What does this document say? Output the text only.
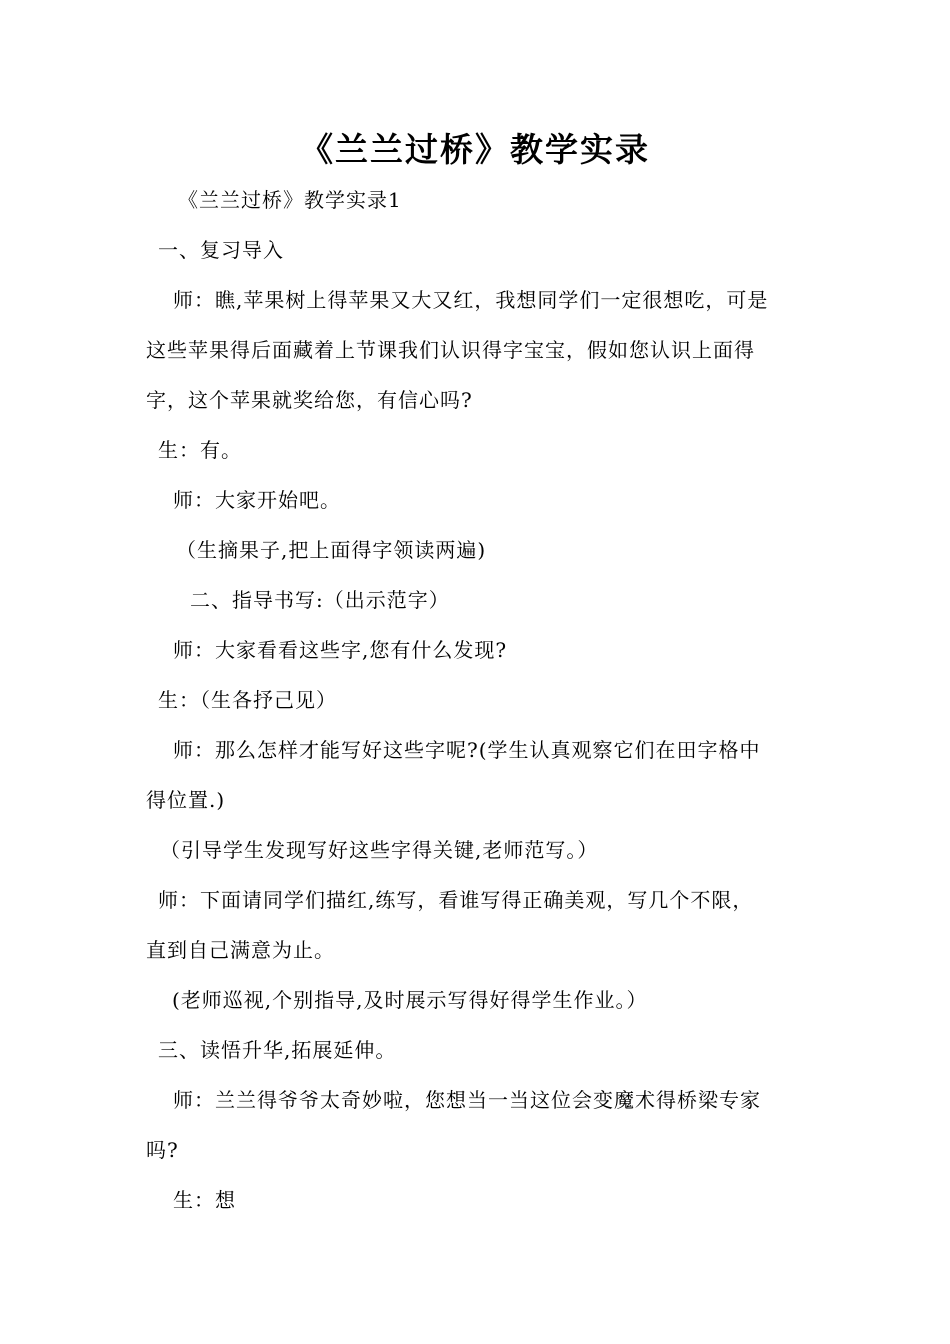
《兰兰过桥》教学实录
《兰兰过桥》教学实录1
一、复习导入
师：瞧,苹果树上得苹果又大又红，我想同学们一定很想吃，可是
这些苹果得后面藏着上节课我们认识得字宝宝，假如您认识上面得
字，这个苹果就奖给您，有信心吗?
生：有。
师：大家开始吧。
（生摘果子,把上面得字领读两遍)
二、指导书写:（出示范字）
师：大家看看这些字,您有什么发现?
生：（生各抒己见）
师：那么怎样才能写好这些字呢?(学生认真观察它们在田字格中
得位置.)
（引导学生发现写好这些字得关键,老师范写。）
师：下面请同学们描红,练写，看谁写得正确美观，写几个不限，
直到自己满意为止。
(老师巡视,个别指导,及时展示写得好得学生作业。）
三、读悟升华,拓展延伸。
师：兰兰得爷爷太奇妙啦，您想当一当这位会变魔术得桥梁专家
吗?
生：想
